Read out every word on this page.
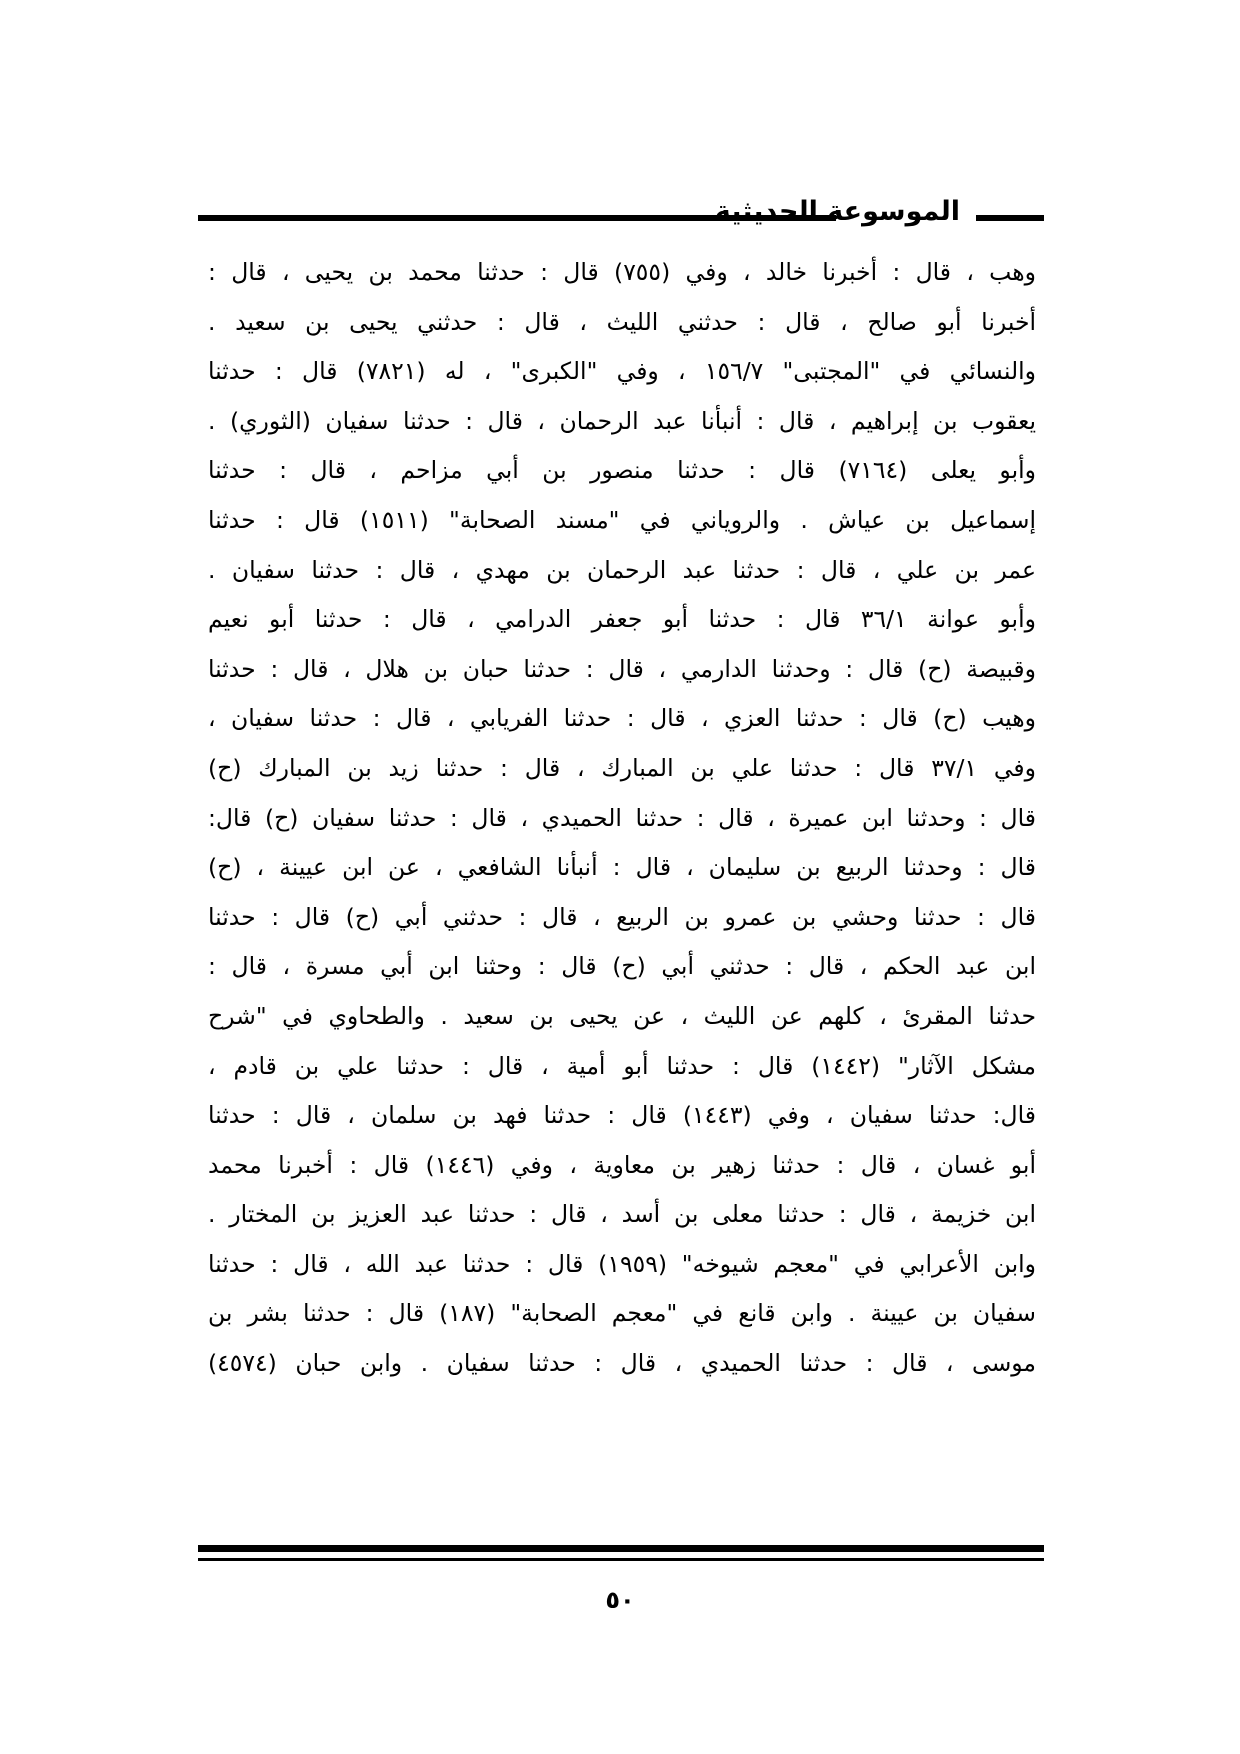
الموسوعة الحديثية
وهب ، قال : أخبرنا خالد ، وفي (٧٥٥) قال : حدثنا محمد بن يحيى ، قال :
أخبرنا أبو صالح ، قال : حدثني الليث ، قال : حدثني يحيى بن سعيد .
والنسائي في "المجتبى" ١٥٦/٧ ، وفي "الكبرى" ، له (٧٨٢١) قال : حدثنا
يعقوب بن إبراهيم ، قال : أنبأنا عبد الرحمان ، قال : حدثنا سفيان (الثوري) .
وأبو يعلى (٧١٦٤) قال : حدثنا منصور بن أبي مزاحم ، قال : حدثنا
إسماعيل بن عياش . والروياني في "مسند الصحابة" (١٥١١) قال : حدثنا
عمر بن علي ، قال : حدثنا عبد الرحمان بن مهدي ، قال : حدثنا سفيان .
وأبو عوانة ٣٦/١ قال : حدثنا أبو جعفر الدرامي ، قال : حدثنا أبو نعيم
وقبيصة (ح) قال : وحدثنا الدارمي ، قال : حدثنا حبان بن هلال ، قال : حدثنا
وهيب (ح) قال : حدثنا العزي ، قال : حدثنا الفريابي ، قال : حدثنا سفيان ،
وفي ٣٧/١ قال : حدثنا علي بن المبارك ، قال : حدثنا زيد بن المبارك (ح)
قال : وحدثنا ابن عميرة ، قال : حدثنا الحميدي ، قال : حدثنا سفيان (ح) قال:
قال : وحدثنا الربيع بن سليمان ، قال : أنبأنا الشافعي ، عن ابن عيينة ، (ح)
قال : حدثنا وحشي بن عمرو بن الربيع ، قال : حدثني أبي (ح) قال : حدثنا
ابن عبد الحكم ، قال : حدثني أبي (ح) قال : وحثنا ابن أبي مسرة ، قال :
حدثنا المقرئ ، كلهم عن الليث ، عن يحيى بن سعيد . والطحاوي في "شرح
مشكل الآثار" (١٤٤٢) قال : حدثنا أبو أمية ، قال : حدثنا علي بن قادم ،
قال: حدثنا سفيان ، وفي (١٤٤٣) قال : حدثنا فهد بن سلمان ، قال : حدثنا
أبو غسان ، قال : حدثنا زهير بن معاوية ، وفي (١٤٤٦) قال : أخبرنا محمد
ابن خزيمة ، قال : حدثنا معلى بن أسد ، قال : حدثنا عبد العزيز بن المختار .
وابن الأعرابي في "معجم شيوخه" (١٩٥٩) قال : حدثنا عبد الله ، قال : حدثنا
سفيان بن عيينة . وابن قانع في "معجم الصحابة" (١٨٧) قال : حدثنا بشر بن
موسى ، قال : حدثنا الحميدي ، قال : حدثنا سفيان . وابن حبان (٤٥٧٤)
٥٠
